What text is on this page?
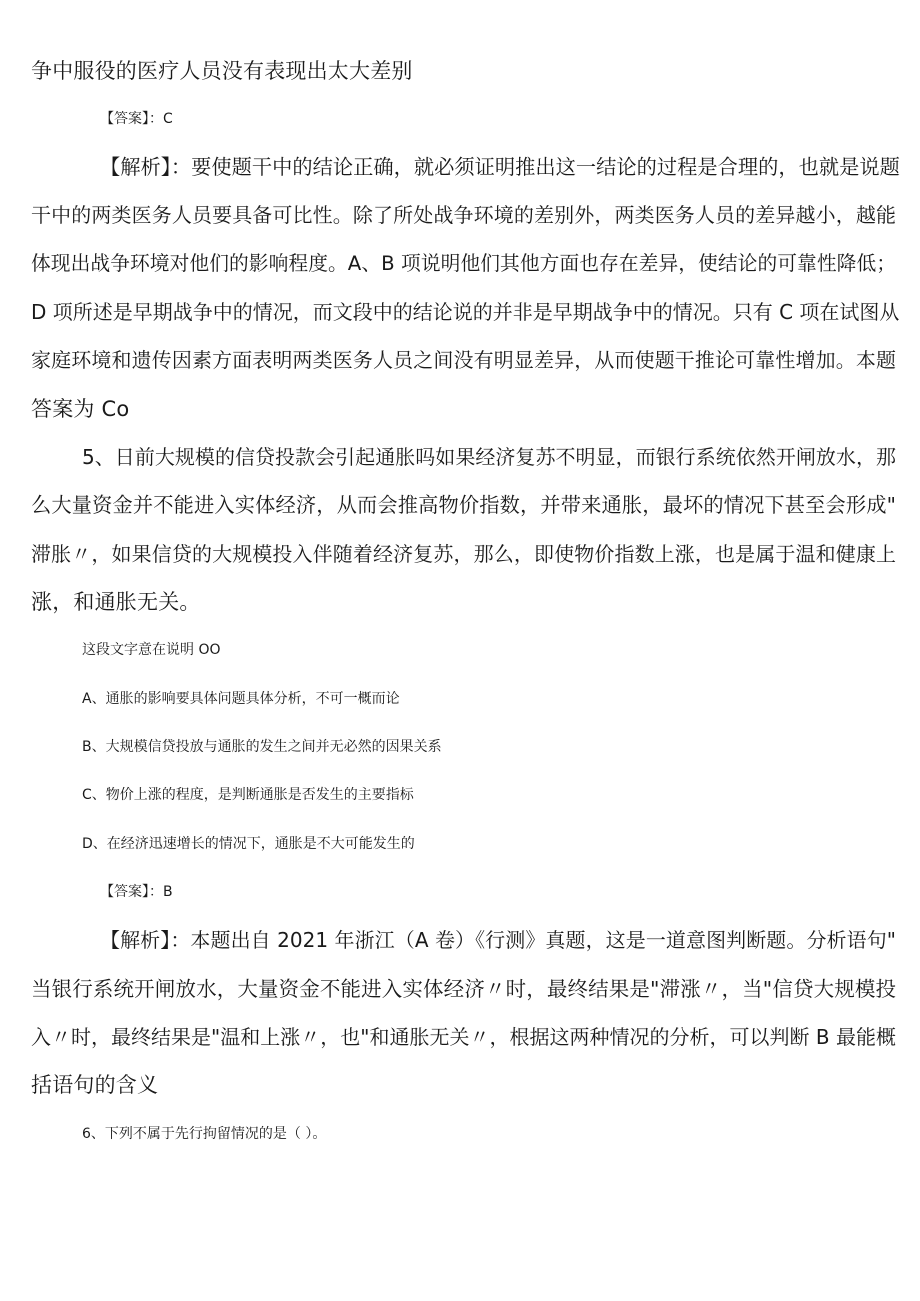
争中服役的医疗人员没有表现出太大差别
【答案】：C
【解析】：要使题干中的结论正确，就必须证明推出这一结论的过程是合理的，也就是说题
干中的两类医务人员要具备可比性。除了所处战争环境的差别外，两类医务人员的差异越小，越能
体现出战争环境对他们的影响程度。A、B 项说明他们其他方面也存在差异，使结论的可靠性降低；
D 项所述是早期战争中的情况，而文段中的结论说的并非是早期战争中的情况。只有 C 项在试图从
家庭环境和遗传因素方面表明两类医务人员之间没有明显差异，从而使题干推论可靠性增加。本题
答案为 Co
5、日前大规模的信贷投款会引起通胀吗如果经济复苏不明显，而银行系统依然开闸放水，那
么大量资金并不能进入实体经济，从而会推高物价指数，并带来通胀，最坏的情况下甚至会形成"
滞胀〃，如果信贷的大规模投入伴随着经济复苏，那么，即使物价指数上涨，也是属于温和健康上
涨，和通胀无关。
这段文字意在说明 OO
A、通胀的影响要具体问题具体分析，不可一概而论
B、大规模信贷投放与通胀的发生之间并无必然的因果关系
C、物价上涨的程度，是判断通胀是否发生的主要指标
D、在经济迅速增长的情况下，通胀是不大可能发生的
【答案】：B
【解析】：本题出自 2021 年浙江（A 卷）《行测》真题，这是一道意图判断题。分析语句"
当银行系统开闸放水，大量资金不能进入实体经济〃时，最终结果是"滞涨〃，当"信贷大规模投
入〃时，最终结果是"温和上涨〃，也"和通胀无关〃，根据这两种情况的分析，可以判断 B 最能概
括语句的含义
6、下列不属于先行拘留情况的是（ ）。
